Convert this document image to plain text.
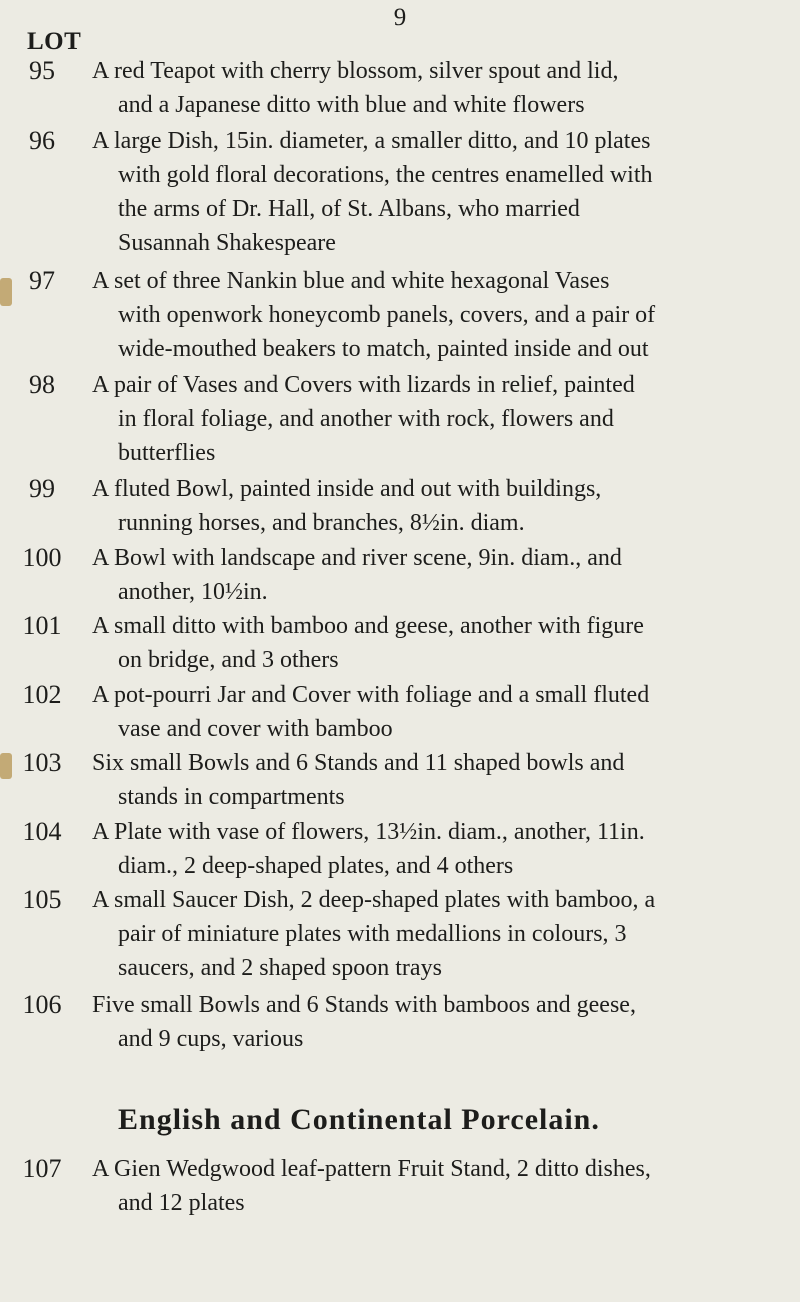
9
LOT
95	A red Teapot with cherry blossom, silver spout and lid,
and a Japanese ditto with blue and white flowers
96	A large Dish, 15in. diameter, a smaller ditto, and 10 plates
with gold floral decorations, the centres enamelled with
the arms of Dr. Hall, of St. Albans, who married
Susannah Shakespeare
97	A set of three Nankin blue and white hexagonal Vases
with openwork honeycomb panels, covers, and a pair of
wide-mouthed beakers to match, painted inside and out
98	A pair of Vases and Covers with lizards in relief, painted
in floral foliage, and another with rock, flowers and
butterflies
99	A fluted Bowl, painted inside and out with buildings,
running horses, and branches, 8½in. diam.
100	A Bowl with landscape and river scene, 9in. diam., and
another, 10½in.
101	A small ditto with bamboo and geese, another with figure
on bridge, and 3 others
102	A pot-pourri Jar and Cover with foliage and a small fluted
vase and cover with bamboo
103	Six small Bowls and 6 Stands and 11 shaped bowls and
stands in compartments
104	A Plate with vase of flowers, 13½in. diam., another, 11in.
diam., 2 deep-shaped plates, and 4 others
105	A small Saucer Dish, 2 deep-shaped plates with bamboo, a
pair of miniature plates with medallions in colours, 3
saucers, and 2 shaped spoon trays
106	Five small Bowls and 6 Stands with bamboos and geese,
and 9 cups, various
English and Continental Porcelain.
107	A Gien Wedgwood leaf-pattern Fruit Stand, 2 ditto dishes,
and 12 plates
